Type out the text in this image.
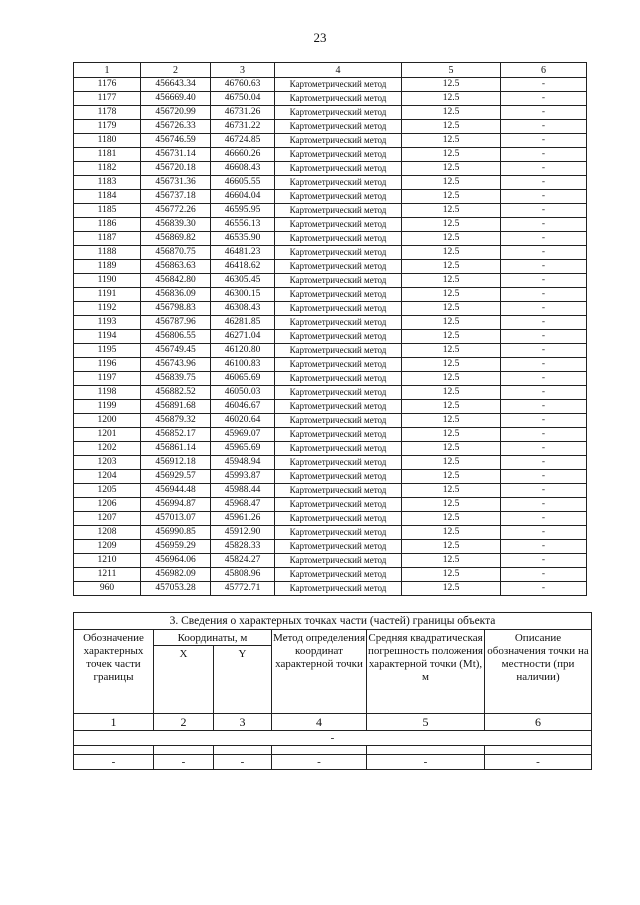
23
1	2	3	4	5	6
1176	456643.34	46760.63	Картометрический метод	12.5	-
1177	456669.40	46750.04	Картометрический метод	12.5	-
1178	456720.99	46731.26	Картометрический метод	12.5	-
1179	456726.33	46731.22	Картометрический метод	12.5	-
1180	456746.59	46724.85	Картометрический метод	12.5	-
1181	456731.14	46660.26	Картометрический метод	12.5	-
1182	456720.18	46608.43	Картометрический метод	12.5	-
1183	456731.36	46605.55	Картометрический метод	12.5	-
1184	456737.18	46604.04	Картометрический метод	12.5	-
1185	456772.26	46595.95	Картометрический метод	12.5	-
1186	456839.30	46556.13	Картометрический метод	12.5	-
1187	456869.82	46535.90	Картометрический метод	12.5	-
1188	456870.75	46481.23	Картометрический метод	12.5	-
1189	456863.63	46418.62	Картометрический метод	12.5	-
1190	456842.80	46305.45	Картометрический метод	12.5	-
1191	456836.09	46300.15	Картометрический метод	12.5	-
1192	456798.83	46308.43	Картометрический метод	12.5	-
1193	456787.96	46281.85	Картометрический метод	12.5	-
1194	456806.55	46271.04	Картометрический метод	12.5	-
1195	456749.45	46120.80	Картометрический метод	12.5	-
1196	456743.96	46100.83	Картометрический метод	12.5	-
1197	456839.75	46065.69	Картометрический метод	12.5	-
1198	456882.52	46050.03	Картометрический метод	12.5	-
1199	456891.68	46046.67	Картометрический метод	12.5	-
1200	456879.32	46020.64	Картометрический метод	12.5	-
1201	456852.17	45969.07	Картометрический метод	12.5	-
1202	456861.14	45965.69	Картометрический метод	12.5	-
1203	456912.18	45948.94	Картометрический метод	12.5	-
1204	456929.57	45993.87	Картометрический метод	12.5	-
1205	456944.48	45988.44	Картометрический метод	12.5	-
1206	456994.87	45968.47	Картометрический метод	12.5	-
1207	457013.07	45961.26	Картометрический метод	12.5	-
1208	456990.85	45912.90	Картометрический метод	12.5	-
1209	456959.29	45828.33	Картометрический метод	12.5	-
1210	456964.06	45824.27	Картометрический метод	12.5	-
1211	456982.09	45808.96	Картометрический метод	12.5	-
960	457053.28	45772.71	Картометрический метод	12.5	-
3. Сведения о характерных точках части (частей) границы объекта					
Обозначение характерных точек части границы	Координаты, м		Метод определения координат характерной точки	Средняя квадратическая погрешность положения характерной точки (Mt), м	Описание обозначения точки на местности (при наличии)
	X	Y			
1	2	3	4	5	6
-					

-	-	-	-	-	-
